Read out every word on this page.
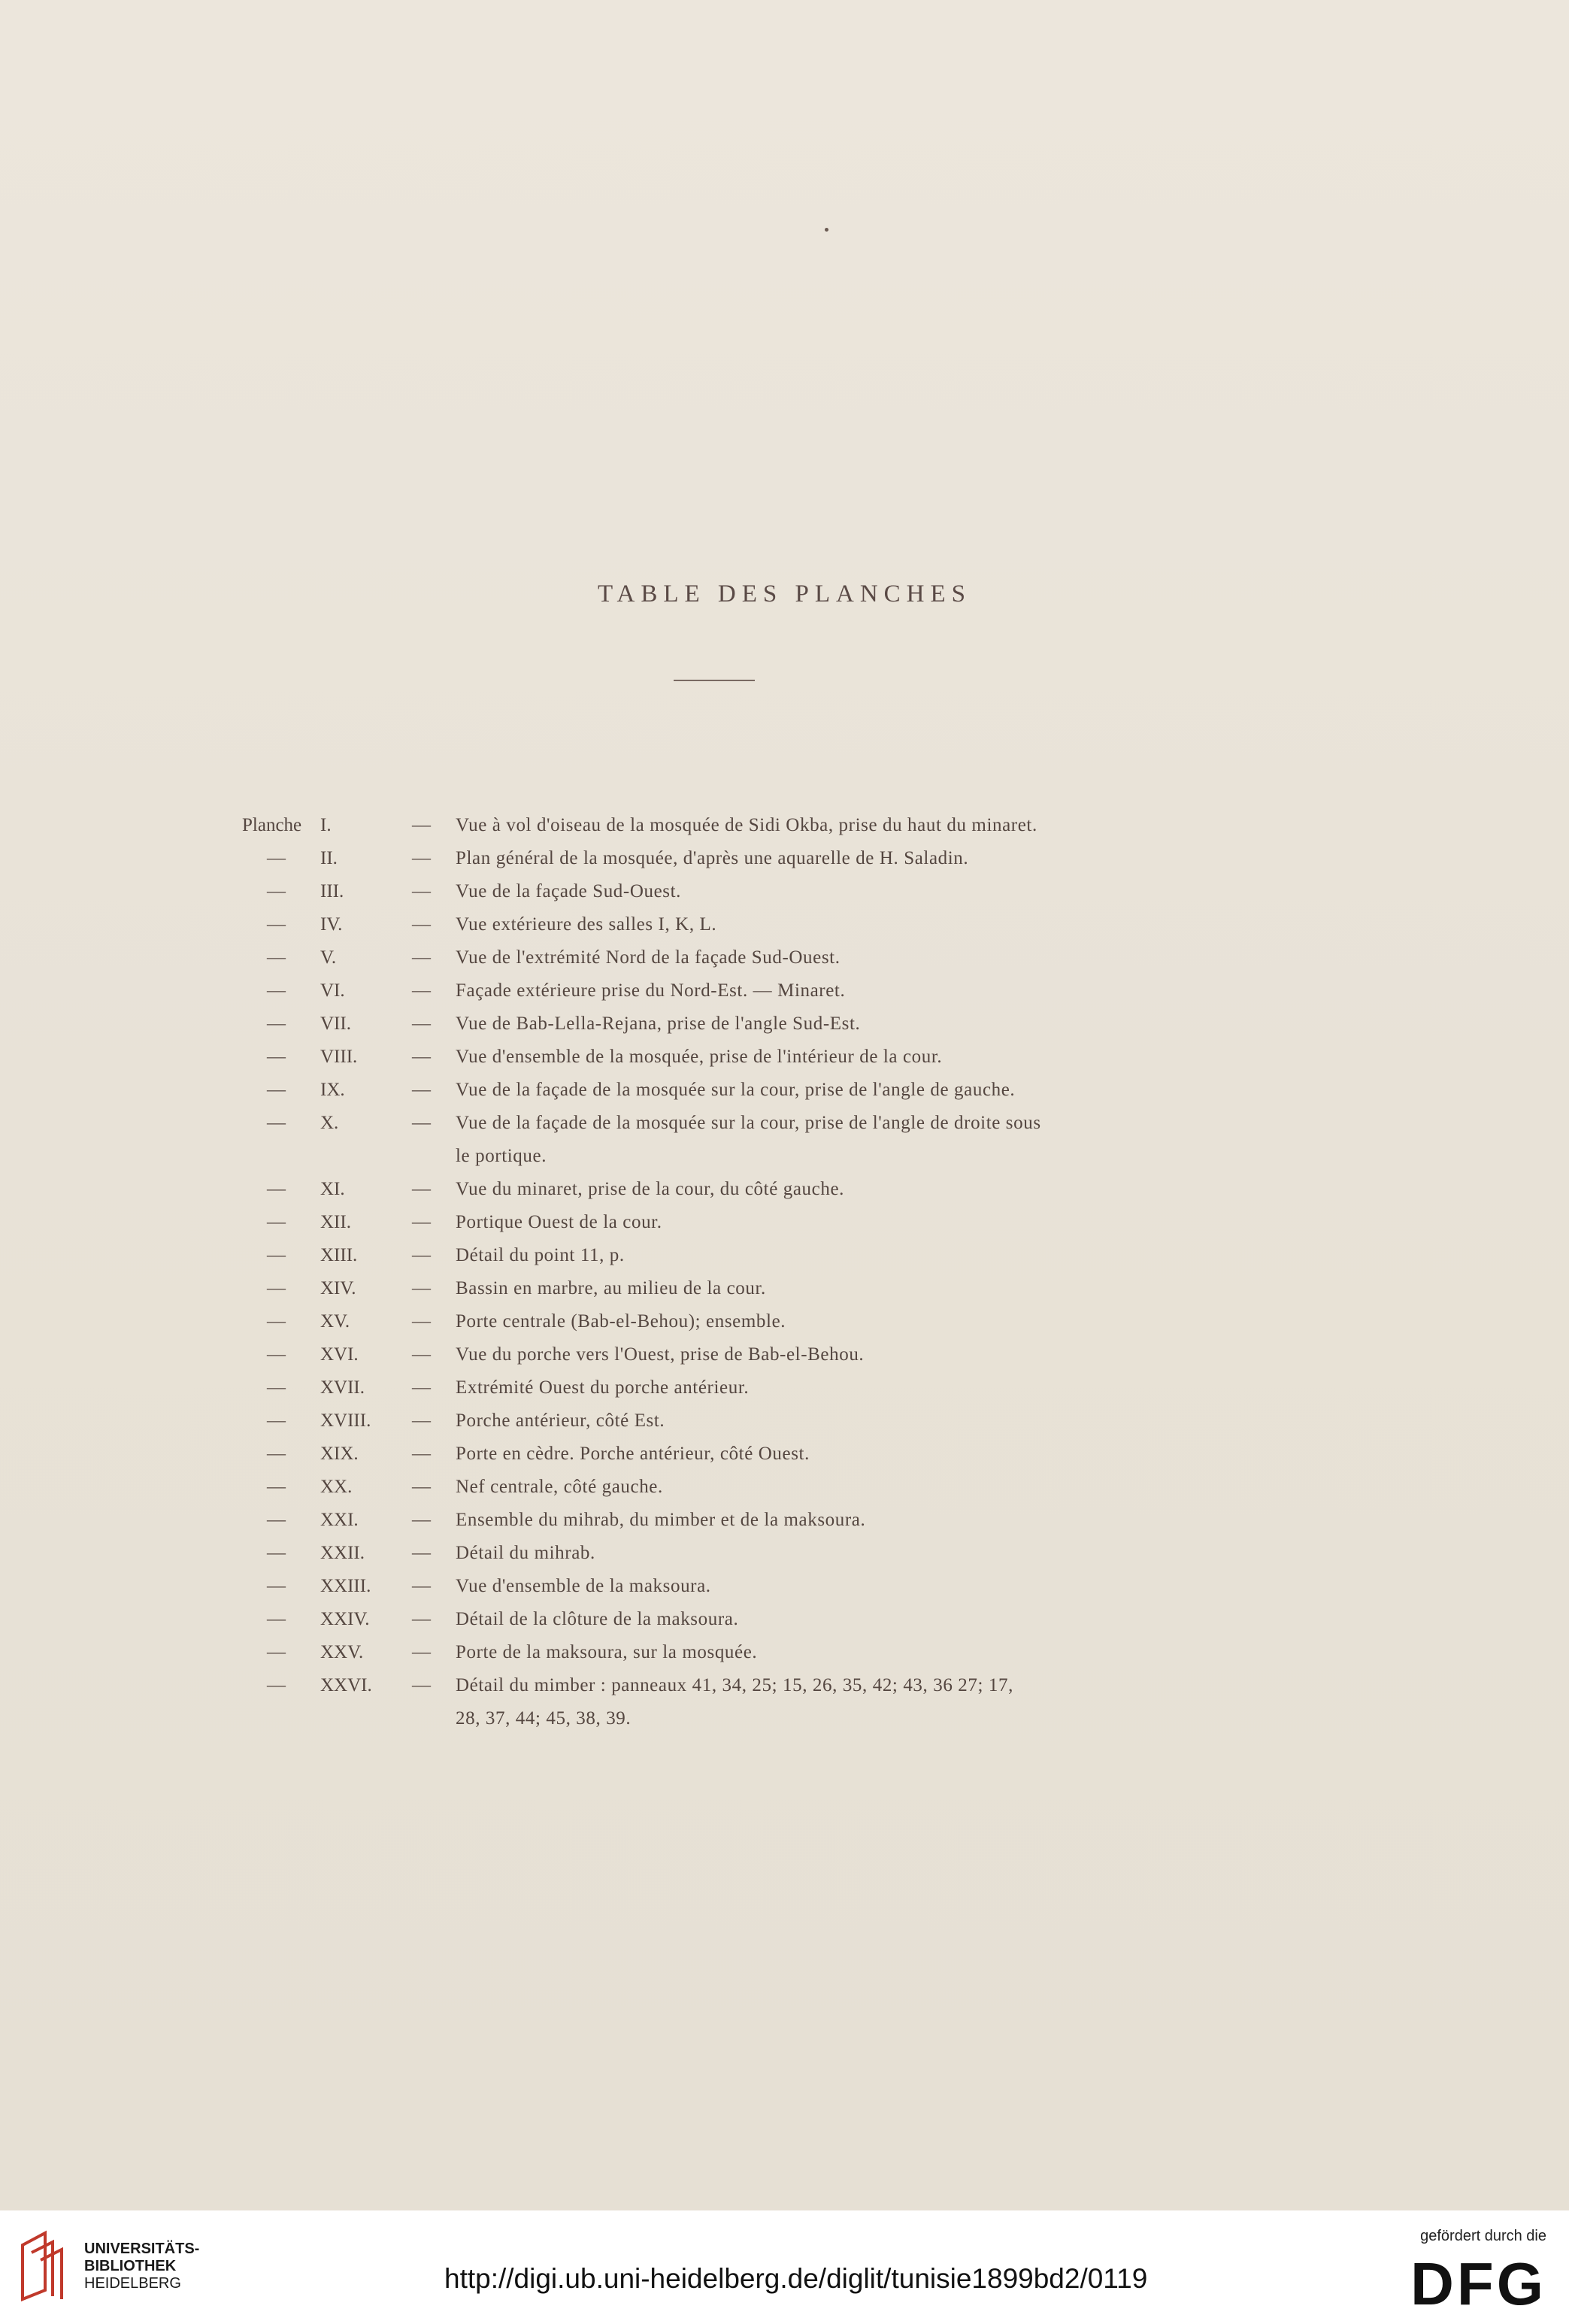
TABLE DES PLANCHES
Planche I.	— Vue à vol d'oiseau de la mosquée de Sidi Okba, prise du haut du minaret.
—	II.	— Plan général de la mosquée, d'après une aquarelle de H. Saladin.
—	III.	— Vue de la façade Sud-Ouest.
—	IV.	— Vue extérieure des salles I, K, L.
—	V.	— Vue de l'extrémité Nord de la façade Sud-Ouest.
—	VI.	— Façade extérieure prise du Nord-Est. — Minaret.
—	VII.	— Vue de Bab-Lella-Rejana, prise de l'angle Sud-Est.
—	VIII.	— Vue d'ensemble de la mosquée, prise de l'intérieur de la cour.
—	IX.	— Vue de la façade de la mosquée sur la cour, prise de l'angle de gauche.
—	X.	— Vue de la façade de la mosquée sur la cour, prise de l'angle de droite sous
le portique.
—	XI.	— Vue du minaret, prise de la cour, du côté gauche.
—	XII.	— Portique Ouest de la cour.
—	XIII.	— Détail du point 11, p.
—	XIV.	— Bassin en marbre, au milieu de la cour.
—	XV.	— Porte centrale (Bab-el-Behou); ensemble.
—	XVI.	— Vue du porche vers l'Ouest, prise de Bab-el-Behou.
—	XVII.	— Extrémité Ouest du porche antérieur.
—	XVIII. — Porche antérieur, côté Est.
—	XIX.	— Porte en cèdre. Porche antérieur, côté Ouest.
—	XX.	— Nef centrale, côté gauche.
—	XXI.	— Ensemble du mihrab, du mimber et de la maksoura.
—	XXII.	— Détail du mihrab.
—	XXIII. — Vue d'ensemble de la maksoura.
—	XXIV. — Détail de la clôture de la maksoura.
—	XXV.	— Porte de la maksoura, sur la mosquée.
—	XXVI. — Détail du mimber : panneaux 41, 34, 25; 15, 26, 35, 42; 43, 36 27; 17,
28, 37, 44; 45, 38, 39.
UNIVERSITÄTS-
BIBLIOTHEK
HEIDELBERG	http://digi.ub.uni-heidelberg.de/diglit/tunisie1899bd2/0119
gefördert durch die
DFG
